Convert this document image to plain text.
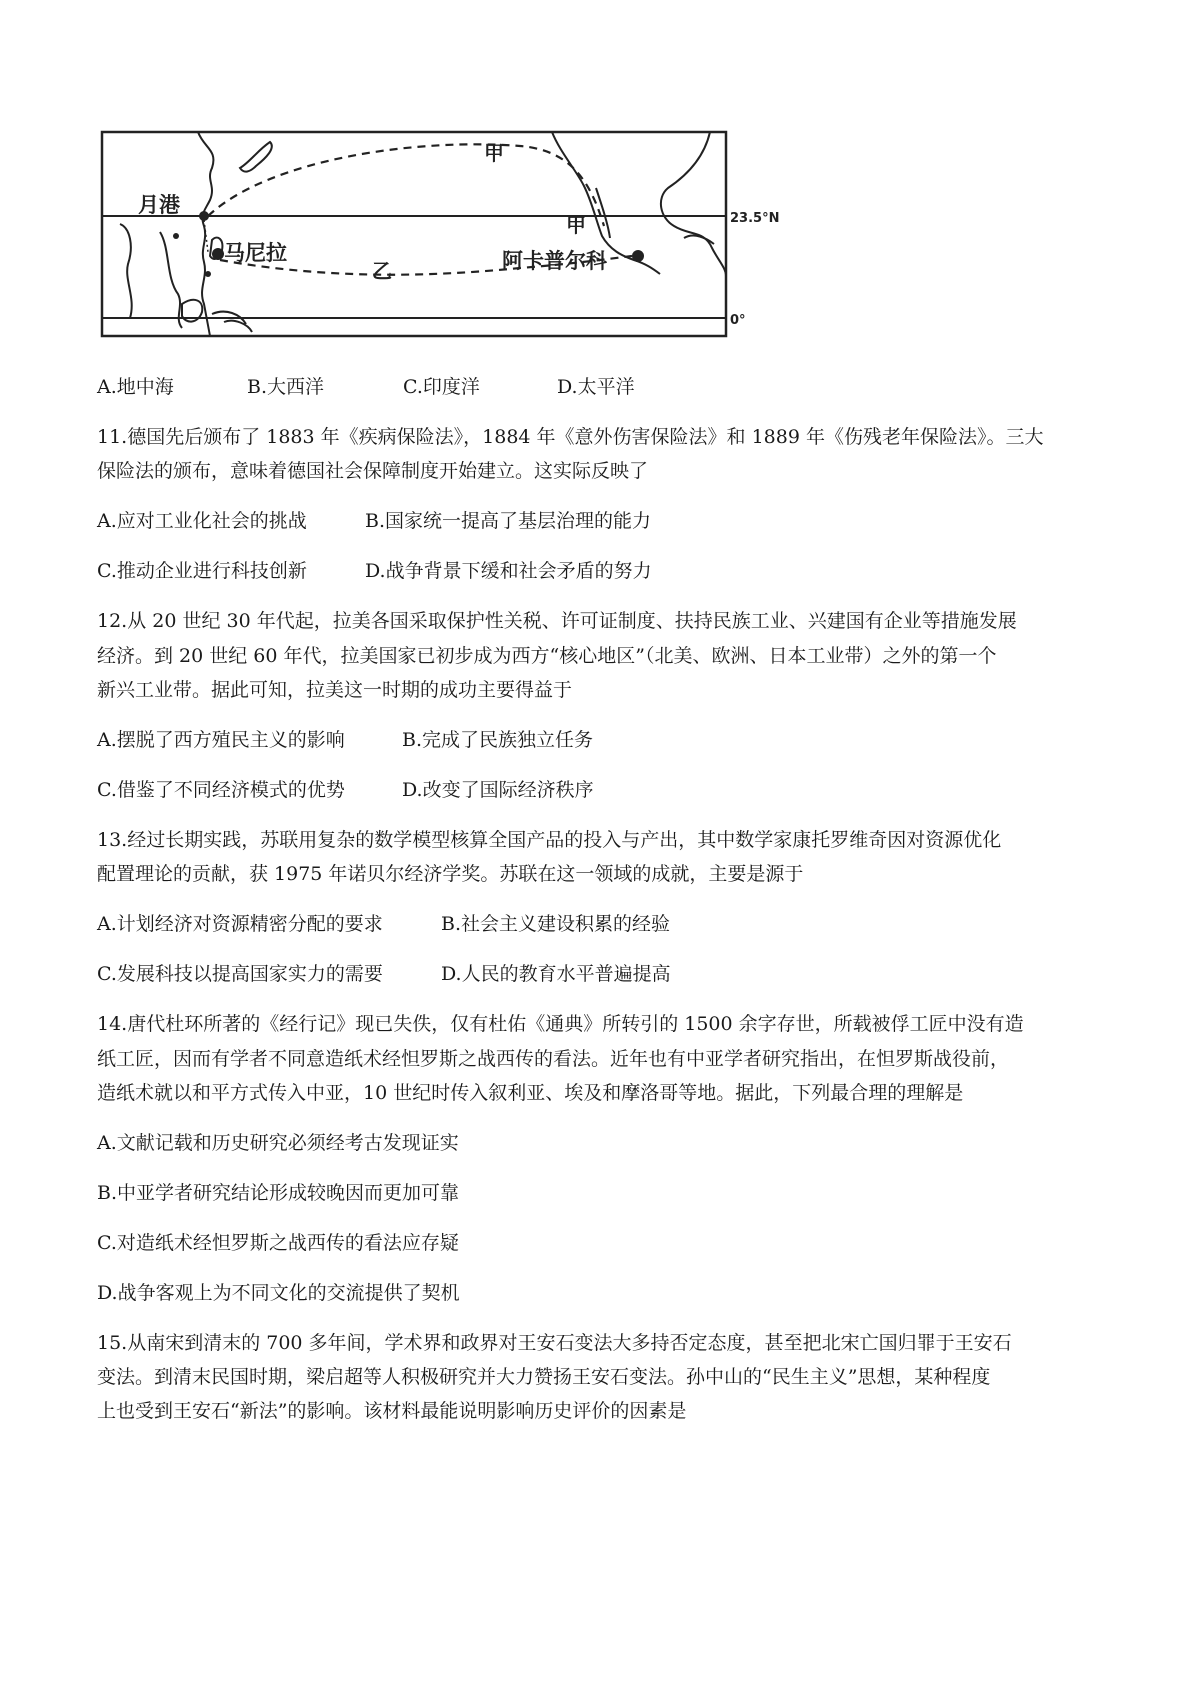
月港
马尼拉	阿卡普尔科
甲
甲
乙
23.5°N
0°
A.地中海	B.大西洋	C.印度洋	D.太平洋
11.德国先后颁布了 1883 年《疾病保险法》，1884 年《意外伤害保险法》和 1889 年《伤残老年保险法》。三大
保险法的颁布，意味着德国社会保障制度开始建立。这实际反映了
A.应对工业化社会的挑战	B.国家统一提高了基层治理的能力
C.推动企业进行科技创新	D.战争背景下缓和社会矛盾的努力
12.从 20 世纪 30 年代起，拉美各国采取保护性关税、许可证制度、扶持民族工业、兴建国有企业等措施发展
经济。到 20 世纪 60 年代，拉美国家已初步成为西方“核心地区”（北美、欧洲、日本工业带）之外的第一个
新兴工业带。据此可知，拉美这一时期的成功主要得益于
A.摆脱了西方殖民主义的影响	B.完成了民族独立任务
C.借鉴了不同经济模式的优势	D.改变了国际经济秩序
13.经过长期实践，苏联用复杂的数学模型核算全国产品的投入与产出，其中数学家康托罗维奇因对资源优化
配置理论的贡献，获 1975 年诺贝尔经济学奖。苏联在这一领域的成就，主要是源于
A.计划经济对资源精密分配的要求	B.社会主义建设积累的经验
C.发展科技以提高国家实力的需要	D.人民的教育水平普遍提高
14.唐代杜环所著的《经行记》现已失佚，仅有杜佑《通典》所转引的 1500 余字存世，所载被俘工匠中没有造
纸工匠，因而有学者不同意造纸术经怛罗斯之战西传的看法。近年也有中亚学者研究指出，在怛罗斯战役前，
造纸术就以和平方式传入中亚，10 世纪时传入叙利亚、埃及和摩洛哥等地。据此，下列最合理的理解是
A.文献记载和历史研究必须经考古发现证实
B.中亚学者研究结论形成较晚因而更加可靠
C.对造纸术经怛罗斯之战西传的看法应存疑
D.战争客观上为不同文化的交流提供了契机
15.从南宋到清末的 700 多年间，学术界和政界对王安石变法大多持否定态度，甚至把北宋亡国归罪于王安石
变法。到清末民国时期，梁启超等人积极研究并大力赞扬王安石变法。孙中山的“民生主义”思想，某种程度
上也受到王安石“新法”的影响。该材料最能说明影响历史评价的因素是
